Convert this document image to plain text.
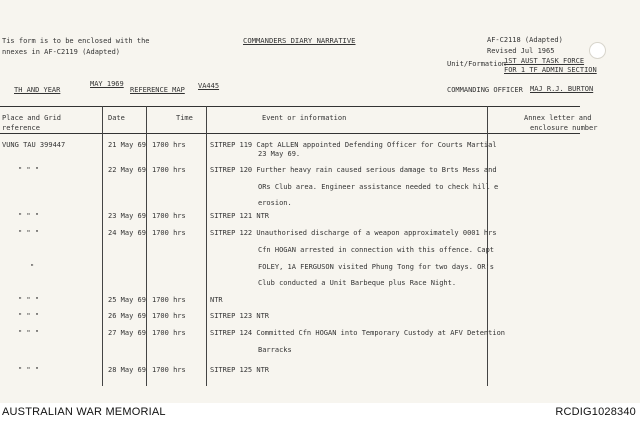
Tis form is to be enclosed with the
nnexes in AF-C2119 (Adapted)
COMMANDERS DIARY NARRATIVE	AF-C2118 (Adapted)
Revised Jul 1965
Unit/Formation
1ST AUST TASK FORCE
FOR 1 TF ADMIN SECTION
TH AND YEAR
MAY 1969
REFERENCE MAP VA445	COMMANDING OFFICER MAJ R.J. BURTON
Place and Grid
reference
Date	Time	Event or information	Annex letter and
enclosure number
VUNG TAU 399447	21 May 69 1700 hrs	SITREP 119 Capt ALLEN appointed Defending Officer for Courts Martial
23 May 69.
" " "	22 May 69 1700 hrs	SITREP 120 Further heavy rain caused serious damage to Brts Mess and
ORs Club area. Engineer assistance needed to check hill e
erosion.
" " "	23 May 69 1700 hrs	SITREP 121 NTR
" " "	24 May 69 1700 hrs	SITREP 122 Unauthorised discharge of a weapon approximately 0001 hrs
Cfn HOGAN arrested in connection with this offence. Capt
FOLEY, 1A FERGUSON visited Phung Tong for two days. OR's
Club conducted a Unit Barbeque plus Race Night.
"
" " "	25 May 69 1700 hrs	NTR
" " "	26 May 69 1700 hrs	SITREP 123 NTR
" " "	27 May 69 1700 hrs	SITREP 124 Committed Cfn HOGAN into Temporary Custody at AFV Detention
Barracks
" " "	28 May 69 1700 hrs	SITREP 125 NTR
AUSTRALIAN WAR MEMORIAL	RCDIG1028340
